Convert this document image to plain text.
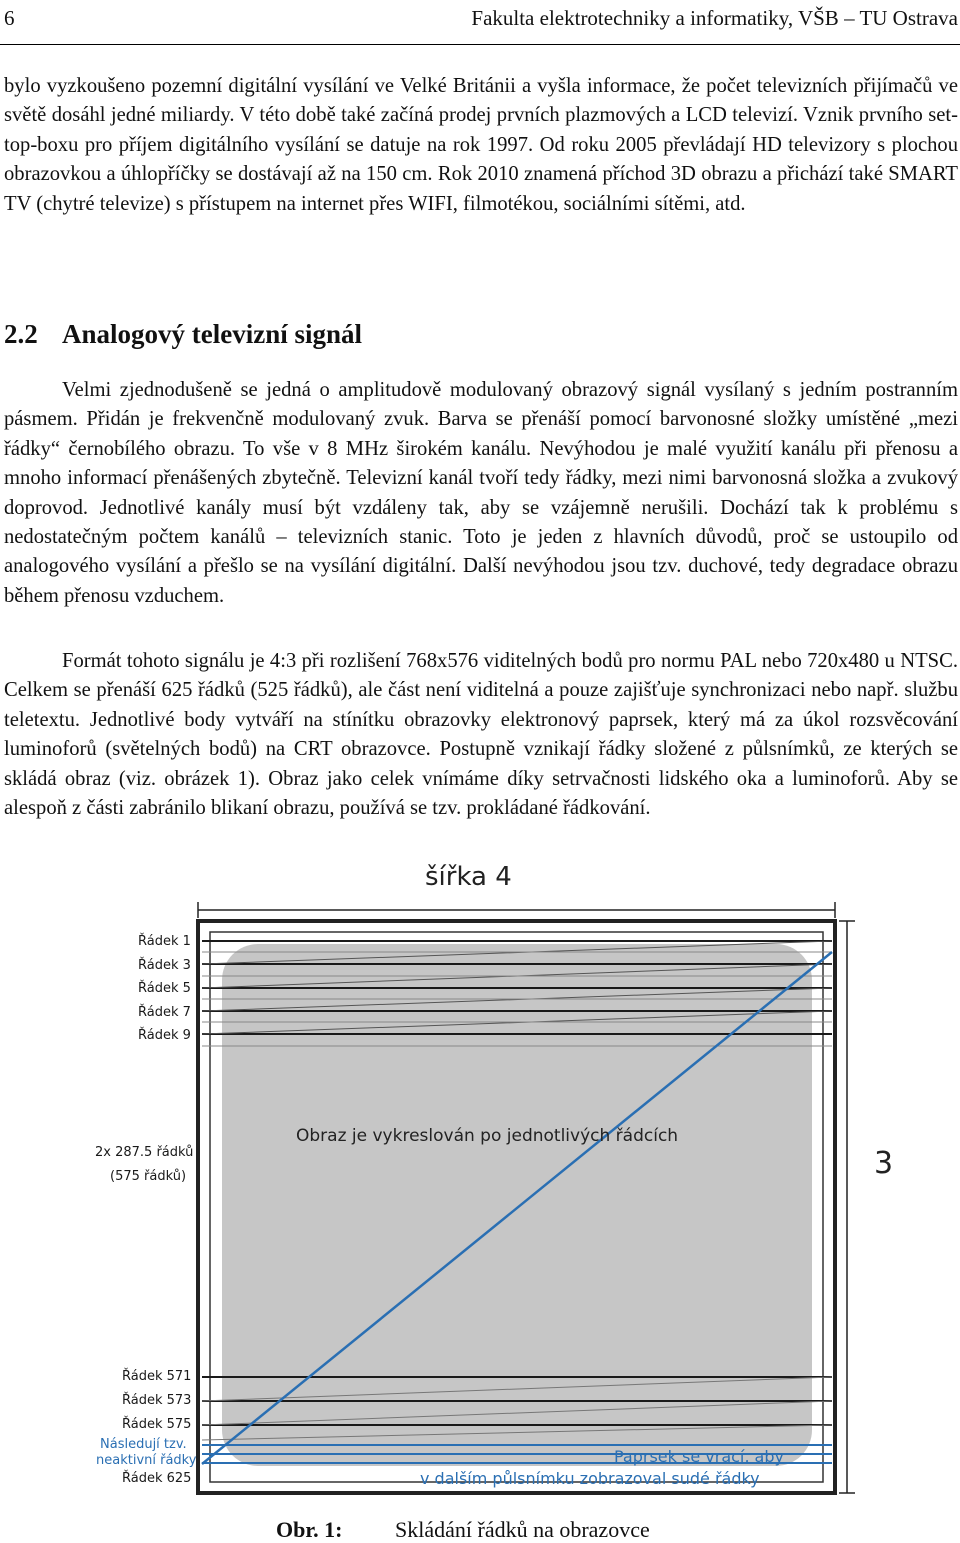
6	Fakulta elektrotechniky a informatiky, VŠB – TU Ostrava

bylo vyzkoušeno pozemní digitální vysílání ve Velké Británii a vyšla informace, že počet televizních přijímačů ve světě dosáhl jedné miliardy. V této době také začíná prodej prvních plazmových a LCD televizí. Vznik prvního set-top-boxu pro příjem digitálního vysílání se datuje na rok 1997. Od roku 2005 převládají HD televizory s plochou obrazovkou a úhlopříčky se dostávají až na 150 cm. Rok 2010 znamená příchod 3D obrazu a přichází také SMART TV (chytré televize) s přístupem na internet přes WIFI, filmotékou, sociálními sítěmi, atd.

2.2 Analogový televizní signál

Velmi zjednodušeně se jedná o amplitudově modulovaný obrazový signál vysílaný s jedním postranním pásmem. Přidán je frekvenčně modulovaný zvuk. Barva se přenáší pomocí barvonosné složky umístěné „mezi řádky“ černobílého obrazu. To vše v 8 MHz širokém kanálu. Nevýhodou je malé využití kanálu při přenosu a mnoho informací přenášených zbytečně. Televizní kanál tvoří tedy řádky, mezi nimi barvonosná složka a zvukový doprovod. Jednotlivé kanály musí být vzdáleny tak, aby se vzájemně nerušili. Dochází tak k problému s nedostatečným počtem kanálů – televizních stanic. Toto je jeden z hlavních důvodů, proč se ustoupilo od analogového vysílání a přešlo se na vysílání digitální. Další nevýhodou jsou tzv. duchové, tedy degradace obrazu během přenosu vzduchem.

Formát tohoto signálu je 4:3 při rozlišení 768x576 viditelných bodů pro normu PAL nebo 720x480 u NTSC. Celkem se přenáší 625 řádků (525 řádků), ale část není viditelná a pouze zajišťuje synchronizaci nebo např. službu teletextu. Jednotlivé body vytváří na stínítku obrazovky elektronový paprsek, který má za úkol rozsvěcování luminoforů (světelných bodů) na CRT obrazovce. Postupně vznikají řádky složené z půlsnímků, ze kterých se skládá obraz (viz. obrázek 1). Obraz jako celek vnímáme díky setrvačnosti lidského oka a luminoforů. Aby se alespoň z části zabránilo blikaní obrazu, používá se tzv. prokládané řádkování.

šířka 4
3
Obraz je vykreslován po jednotlivých řádcích
Řádek 1
Řádek 3
Řádek 5
Řádek 7
Řádek 9
2x 287.5 řádků
(575 řádků)
Řádek 571
Řádek 573
Řádek 575
Následují tzv.
neaktivní řádky
Řádek 625
Paprsek se vrací, aby
v dalším půlsnímku zobrazoval sudé řádky
Obr. 1: Skládání řádků na obrazovce
